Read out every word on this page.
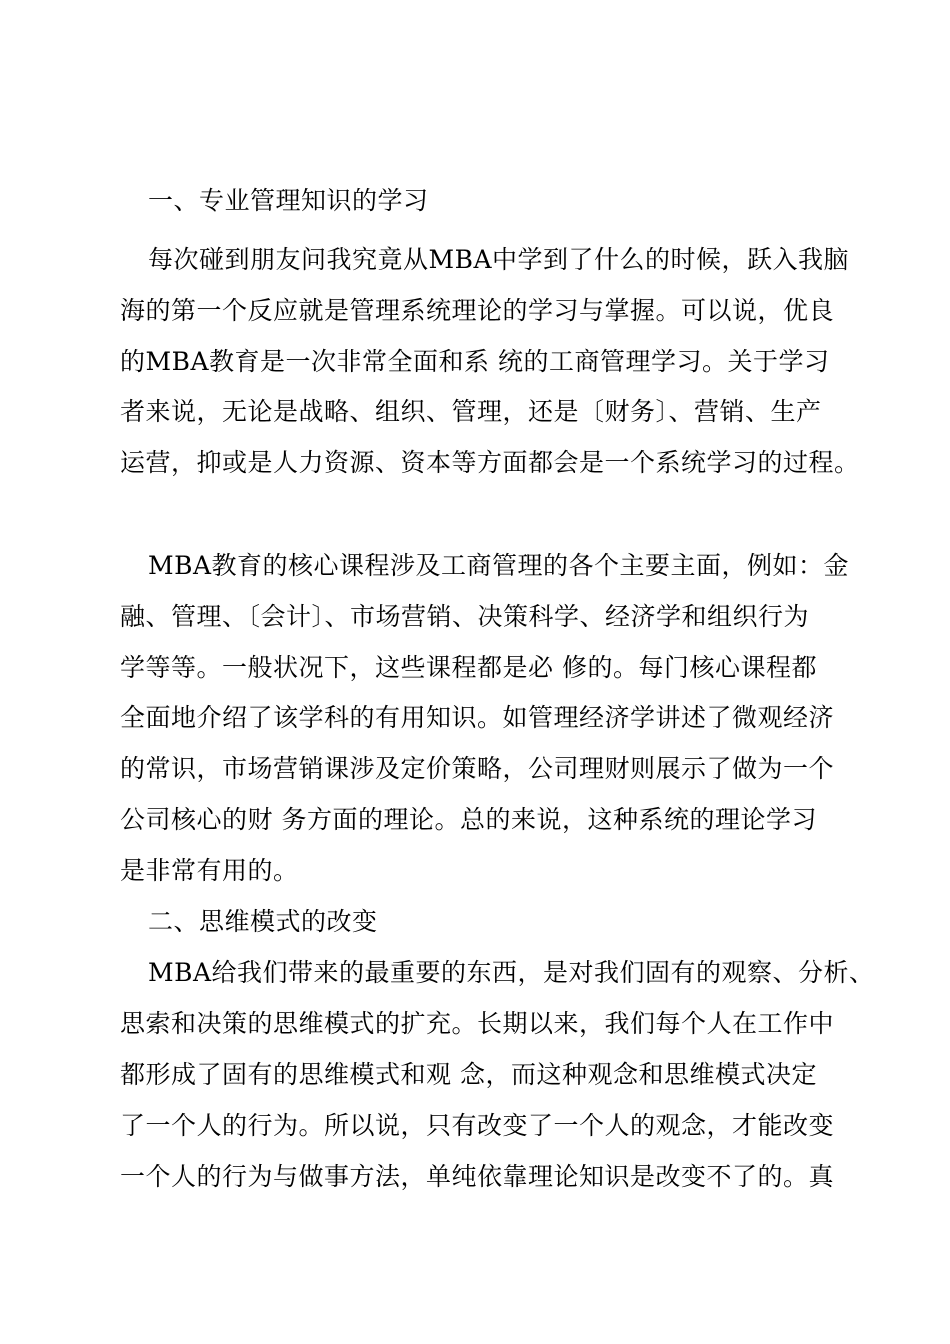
一、专业管理知识的学习
每次碰到朋友问我究竟从MBA中学到了什么的时候，跃入我脑
海的第一个反应就是管理系统理论的学习与掌握。可以说，优良
的MBA教育是一次非常全面和系 统的工商管理学习。关于学习
者来说，无论是战略、组织、管理，还是〔财务〕、营销、生产
运营，抑或是人力资源、资本等方面都会是一个系统学习的过程。
MBA教育的核心课程涉及工商管理的各个主要主面，例如：金
融、管理、〔会计〕、市场营销、决策科学、经济学和组织行为
学等等。一般状况下，这些课程都是必 修的。每门核心课程都
全面地介绍了该学科的有用知识。如管理经济学讲述了微观经济
的常识，市场营销课涉及定价策略，公司理财则展示了做为一个
公司核心的财 务方面的理论。总的来说，这种系统的理论学习
是非常有用的。
二、思维模式的改变
MBA给我们带来的最重要的东西，是对我们固有的观察、分析、
思索和决策的思维模式的扩充。长期以来，我们每个人在工作中
都形成了固有的思维模式和观 念，而这种观念和思维模式决定
了一个人的行为。所以说，只有改变了一个人的观念，才能改变
一个人的行为与做事方法，单纯依靠理论知识是改变不了的。真
